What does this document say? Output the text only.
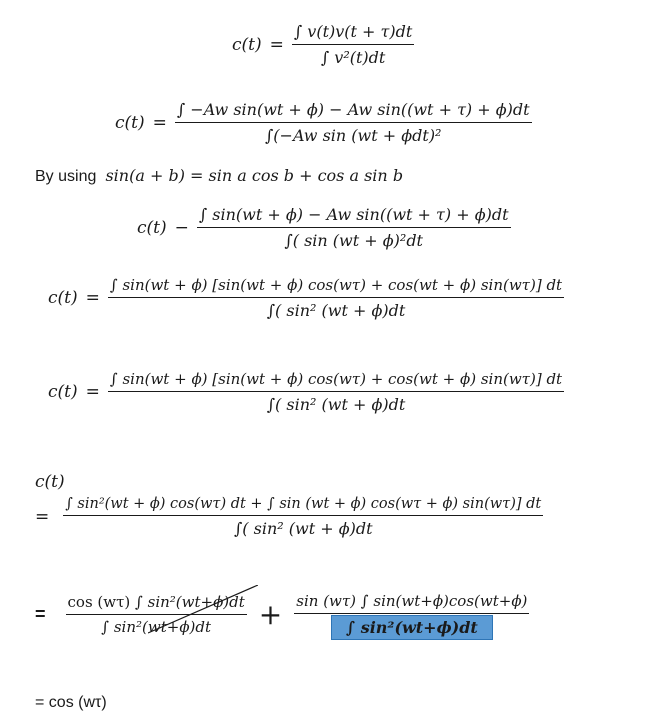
$c(t) = \frac{\int v(t)v(t + \tau)dt}{\text{∫ v²(t)dt}}$
$c(t) = \frac{\text{∫ −Aw sin(wt + ϕ) − Aw sin((wt + τ) + ϕ)dt}}{\text{∫(−Aw sin (wt + ϕdt)²}}$
By using sin(a + b) = sin a cos b + cos a sin b
$c(t) - \frac{\text{∫ sin(wt + ϕ) − Aw sin((wt + τ) + ϕ)dt}}{\text{∫( sin (wt + ϕ)²dt}}$
$c(t) = \frac{\int \sin(wt + \phi) [\sin(wt + \phi) \cos(w\tau) + \cos(wt + \phi) \sin(w\tau)] dt}{\text{∫( sin² (wt + ϕ)dt}}$
$c(t) = \frac{\int \sin(wt + \phi) [\sin(wt + \phi) \cos(w\tau) + \cos(wt + \phi) \sin(w\tau)] dt}{\text{∫( sin² (wt + ϕ)dt}}$
c(t)
=
∫ sin²(wt + ϕ) cos(wτ) dt + ∫ sin (wt + ϕ) cos(wτ + ϕ) sin(wτ)] dt
∫( sin² (wt + ϕ)dt
= $\frac{\text{cos (wτ) ∫ sin²(wt+ϕ)dt}}{\text{∫ sin²(wt+ϕ)dt}} + \frac{\sin (w\tau) \int \sin(wt+\phi)\cos(wt+\phi)}{\text{∫ sin²(wt+ϕ)dt}}$
= cos (wτ)
